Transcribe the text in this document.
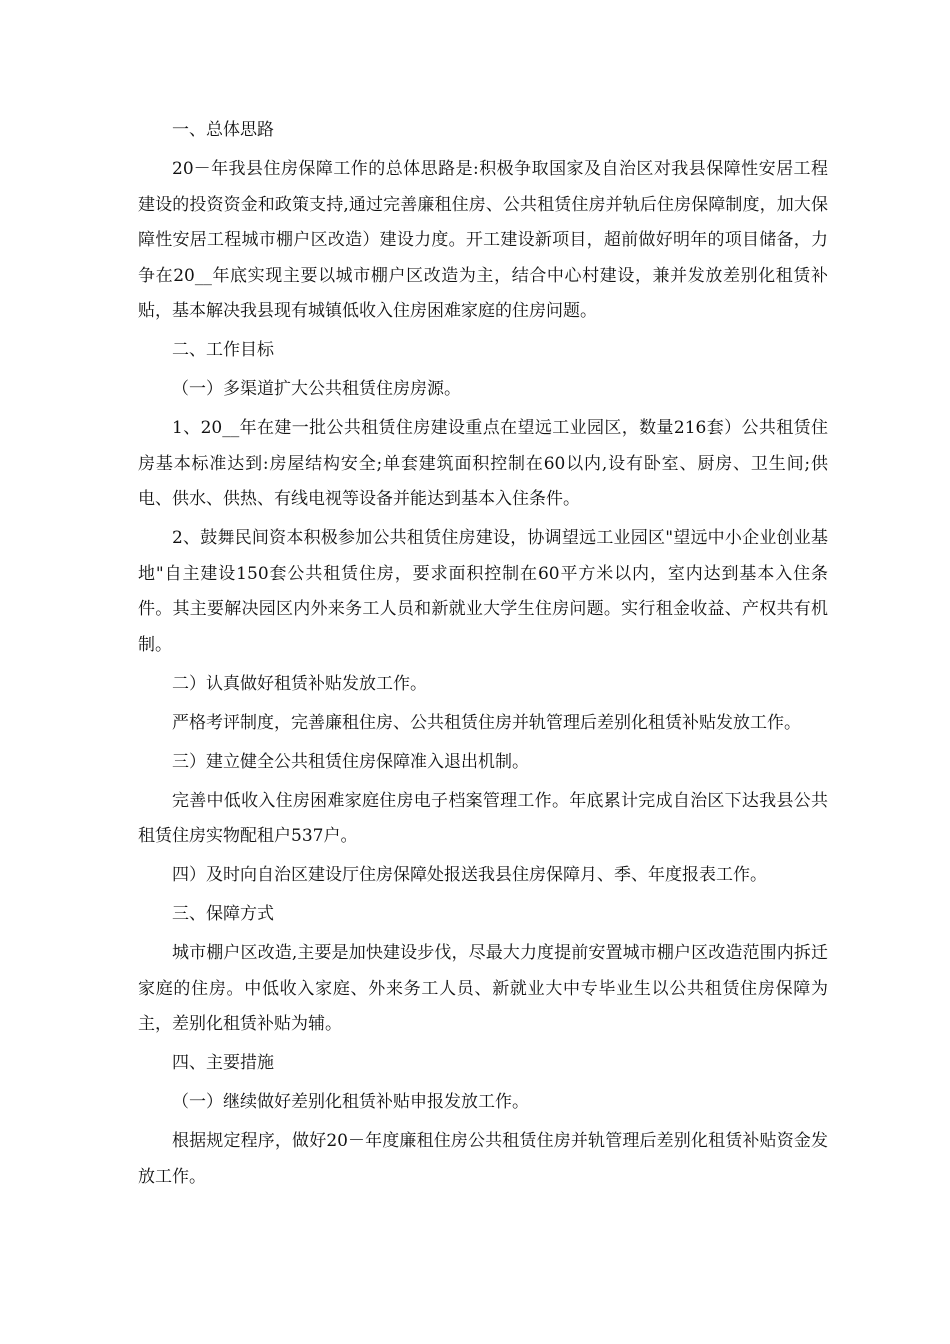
一、总体思路

20－年我县住房保障工作的总体思路是:积极争取国家及自治区对我县保障性安居工程建设的投资资金和政策支持,通过完善廉租住房、公共租赁住房并轨后住房保障制度，加大保障性安居工程城市棚户区改造）建设力度。开工建设新项目，超前做好明年的项目储备，力争在20__年底实现主要以城市棚户区改造为主，结合中心村建设，兼并发放差别化租赁补贴，基本解决我县现有城镇低收入住房困难家庭的住房问题。

二、工作目标

（一）多渠道扩大公共租赁住房房源。

1、20__年在建一批公共租赁住房建设重点在望远工业园区，数量216套）公共租赁住房基本标准达到:房屋结构安全;单套建筑面积控制在60以内,设有卧室、厨房、卫生间;供电、供水、供热、有线电视等设备并能达到基本入住条件。

2、鼓舞民间资本积极参加公共租赁住房建设，协调望远工业园区"望远中小企业创业基地"自主建设150套公共租赁住房，要求面积控制在60平方米以内，室内达到基本入住条件。其主要解决园区内外来务工人员和新就业大学生住房问题。实行租金收益、产权共有机制。

二）认真做好租赁补贴发放工作。

严格考评制度，完善廉租住房、公共租赁住房并轨管理后差别化租赁补贴发放工作。

三）建立健全公共租赁住房保障准入退出机制。

完善中低收入住房困难家庭住房电子档案管理工作。年底累计完成自治区下达我县公共租赁住房实物配租户537户。

四）及时向自治区建设厅住房保障处报送我县住房保障月、季、年度报表工作。

三、保障方式

城市棚户区改造,主要是加快建设步伐，尽最大力度提前安置城市棚户区改造范围内拆迁家庭的住房。中低收入家庭、外来务工人员、新就业大中专毕业生以公共租赁住房保障为主，差别化租赁补贴为辅。

四、主要措施

（一）继续做好差别化租赁补贴申报发放工作。

根据规定程序，做好20－年度廉租住房公共租赁住房并轨管理后差别化租赁补贴资金发放工作。
